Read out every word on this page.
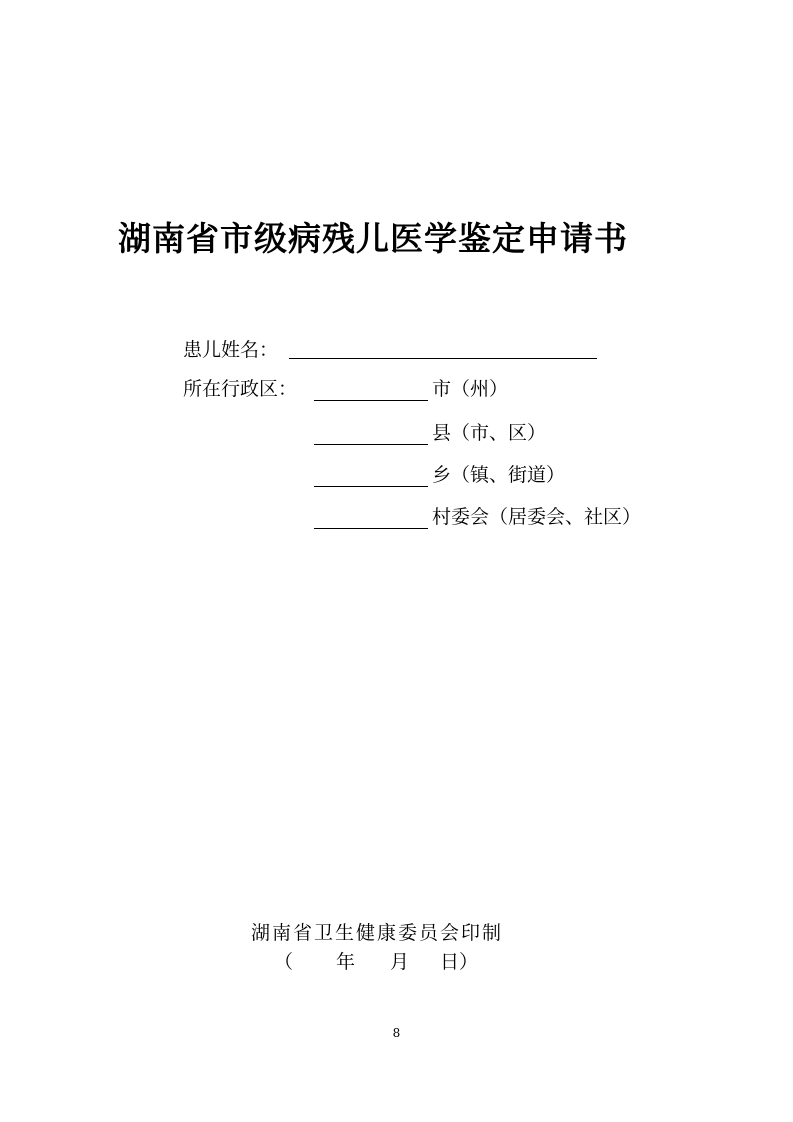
湖南省市级病残儿医学鉴定申请书
患儿姓名：
所在行政区：	市（州）
县（市、区）
乡（镇、街道）
村委会（居委会、社区）
湖南省卫生健康委员会印制
（ 年 月 日）
8
